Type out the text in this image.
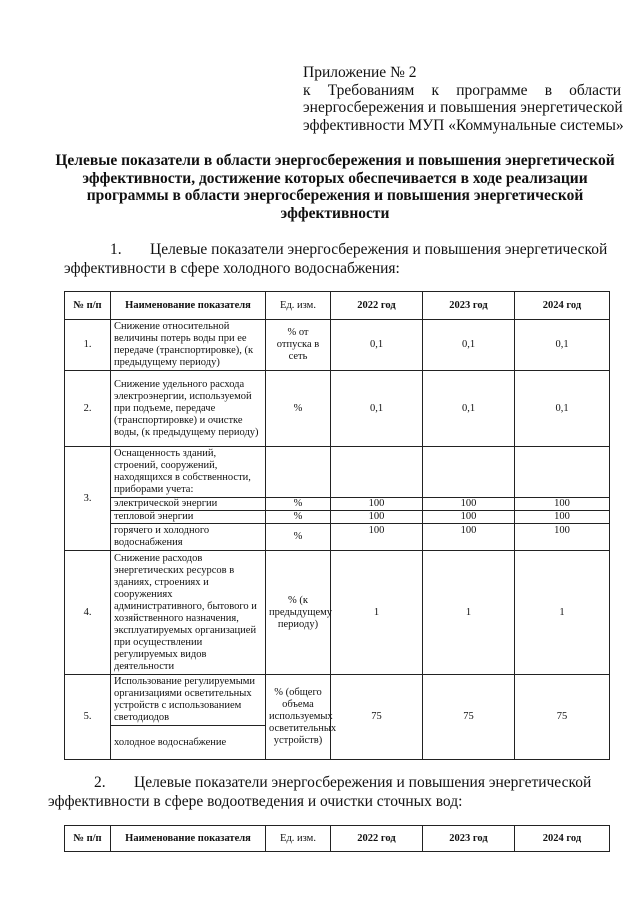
Приложение № 2
к Требованиям к программе в области
энергосбережения и повышения энергетической
эффективности МУП «Коммунальные системы»
Целевые показатели в области энергосбережения и повышения энергетической эффективности, достижение которых обеспечивается в ходе реализации программы в области энергосбережения и повышения энергетической эффективности
1. Целевые показатели энергосбережения и повышения энергетической эффективности в сфере холодного водоснабжения:
№ п/п	Наименование показателя	Ед. изм.	2022 год	2023 год	2024 год
1.	Снижение относительной величины потерь воды при ее передаче (транспортировке), (к предыдущему периоду)	% от отпуска в сеть	0,1	0,1	0,1
2.	Снижение удельного расхода электроэнергии, используемой при подъеме, передаче (транспортировке) и очистке воды, (к предыдущему периоду)	%	0,1	0,1	0,1
3.	Оснащенность зданий, строений, сооружений, находящихся в собственности, приборами учета:				
	электрической энергии	%	100	100	100
	тепловой энергии	%	100	100	100
	горячего и холодного водоснабжения	%	100	100	100
4.	Снижение расходов энергетических ресурсов в зданиях, строениях и сооружениях административного, бытового и хозяйственного назначения, эксплуатируемых организацией при осуществлении регулируемых видов деятельности	% (к предыдущему периоду)	1	1	1
5.	Использование регулируемыми организациями осветительных устройств с использованием светодиодов	% (общего объема используемых осветительных устройств)	75	75	75
	холодное водоснабжение				
2. Целевые показатели энергосбережения и повышения энергетической эффективности в сфере водоотведения и очистки сточных вод:
№ п/п	Наименование показателя	Ед. изм.	2022 год	2023 год	2024 год
